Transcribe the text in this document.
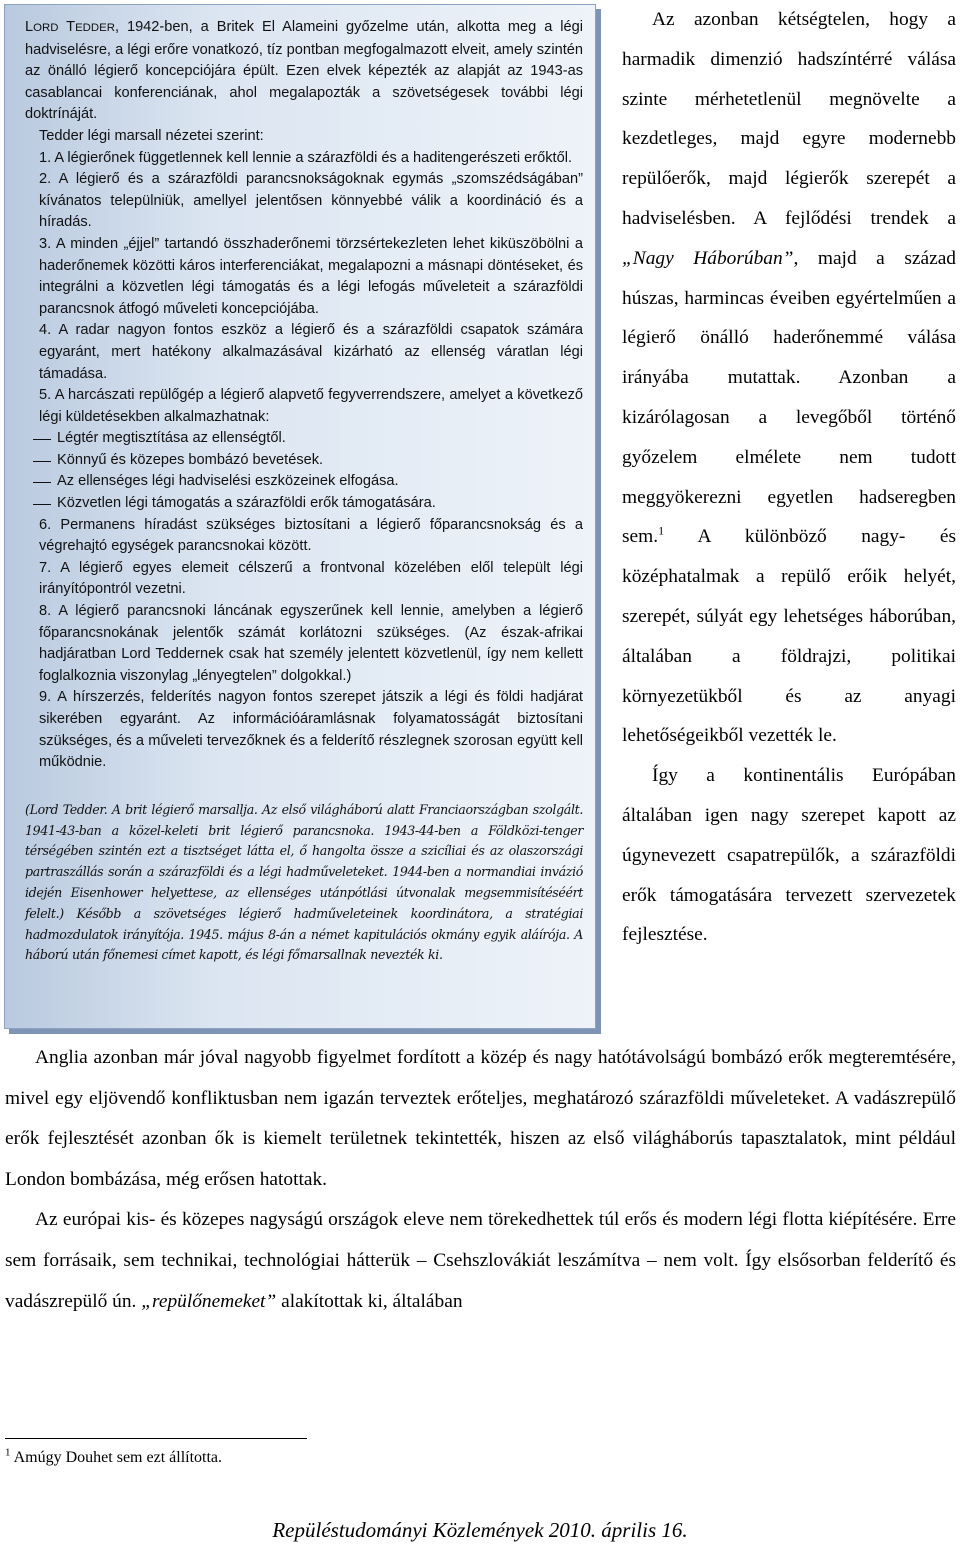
LORD TEDDER, 1942-ben, a Britek El Alameini győzelme után, alkotta meg a légi hadviselésre, a légi erőre vonatkozó, tíz pontban megfogalmazott elveit, amely szintén az önálló légierő koncepciójára épült. Ezen elvek képezték az alapját az 1943-as casablancai konferenciának, ahol megalapozták a szövetségesek további légi doktrínáját.

Tedder légi marsall nézetei szerint:

1. A légierőnek függetlennek kell lennie a szárazföldi és a haditengerészeti erőktől.

2. A légierő és a szárazföldi parancsnokságoknak egymás „szomszédságában” kívánatos települniük, amellyel jelentősen könnyebbé válik a koordináció és a híradás.

3. A minden „éjjel” tartandó összhaderőnemi törzsértekezleten lehet kiküszöbölni a haderőnemek közötti káros interferenciákat, megalapozni a másnapi döntéseket, és integrálni a közvetlen légi támogatás és a légi lefogás műveleteit a szárazföldi parancsnok átfogó műveleti koncepciójába.

4. A radar nagyon fontos eszköz a légierő és a szárazföldi csapatok számára egyaránt, mert hatékony alkalmazásával kizárható az ellenség váratlan légi támadása.

5. A harcászati repülőgép a légierő alapvető fegyverrendszere, amelyet a következő légi küldetésekben alkalmazhatnak:

Légtér megtisztítása az ellenségtől.
Könnyű és közepes bombázó bevetések.
Az ellenséges légi hadviselési eszközeinek elfogása.
Közvetlen légi támogatás a szárazföldi erők támogatására.

6. Permanens híradást szükséges biztosítani a légierő főparancsnokság és a végrehajtó egységek parancsnokai között.

7. A légierő egyes elemeit célszerű a frontvonal közelében elől települt légi irányítópontról vezetni.

8. A légierő parancsnoki láncának egyszerűnek kell lennie, amelyben a légierő főparancsnokának jelentők számát korlátozni szükséges. (Az észak-afrikai hadjáratban Lord Teddernek csak hat személy jelentett közvetlenül, így nem kellett foglalkoznia viszonylag „lényegtelen” dolgokkal.)

9. A hírszerzés, felderítés nagyon fontos szerepet játszik a légi és földi hadjárat sikerében egyaránt. Az információáramlásnak folyamatosságát biztosítani szükséges, és a műveleti tervezőknek és a felderítő részlegnek szorosan együtt kell működnie.

(Lord Tedder. A brit légierő marsallja. Az első világháború alatt Franciaországban szolgált. 1941-43-ban a közel-keleti brit légierő parancsnoka. 1943-44-ben a Földközi-tenger térségében szintén ezt a tisztséget látta el, ő hangolta össze a szicíliai és az olaszországi partraszállás során a szárazföldi és a légi hadműveleteket. 1944-ben a normandiai invázió idején Eisenhower helyettese, az ellenséges utánpótlási útvonalak megsemmisítéséért felelt.) Később a szövetséges légierő hadműveleteinek koordinátora, a stratégiai hadmozdulatok irányítója. 1945. május 8-án a német kapitulációs okmány egyik aláírója. A háború után főnemesi címet kapott, és légi főmarsallnak nevezték ki.

Az azonban kétségtelen, hogy a harmadik dimenzió hadszíntérré válása szinte mérhetetlenül megnövelte a kezdetleges, majd egyre modernebb repülőerők, majd légierők szerepét a hadviselésben. A fejlődési trendek a „Nagy Háborúban”, majd a század húszas, harmincas éveiben egyértelműen a légierő önálló haderőnemmé válása irányába mutattak. Azonban a kizárólagosan a levegőből történő győzelem elmélete nem tudott meggyökerezni egyetlen hadseregben sem.$^1$ A különböző nagy- és középhatalmak a repülő erőik helyét, szerepét, súlyát egy lehetséges háborúban, általában a földrajzi, politikai környezetükből és az anyagi lehetőségeikből vezették le.

Így a kontinentális Európában általában igen nagy szerepet kapott az úgynevezett csapatrepülők, a szárazföldi erők támogatására tervezett szervezetek fejlesztése.

Anglia azonban már jóval nagyobb figyelmet fordított a közép és nagy hatótávolságú bombázó erők megteremtésére, mivel egy eljövendő konfliktusban nem igazán terveztek erőteljes, meghatározó szárazföldi műveleteket. A vadászrepülő erők fejlesztését azonban ők is kiemelt területnek tekintették, hiszen az első világháborús tapasztalatok, mint például London bombázása, még erősen hatottak.

Az európai kis- és közepes nagyságú országok eleve nem törekedhettek túl erős és modern légi flotta kiépítésére. Erre sem forrásaik, sem technikai, technológiai hátterük ‒ Csehszlovákiát leszámítva ‒ nem volt. Így elsősorban felderítő és vadászrepülő ún. „repülőnemeket” alakítottak ki, általában

$^1$ Amúgy Douhet sem ezt állította.
Repüléstudományi Közlemények 2010. április 16.
